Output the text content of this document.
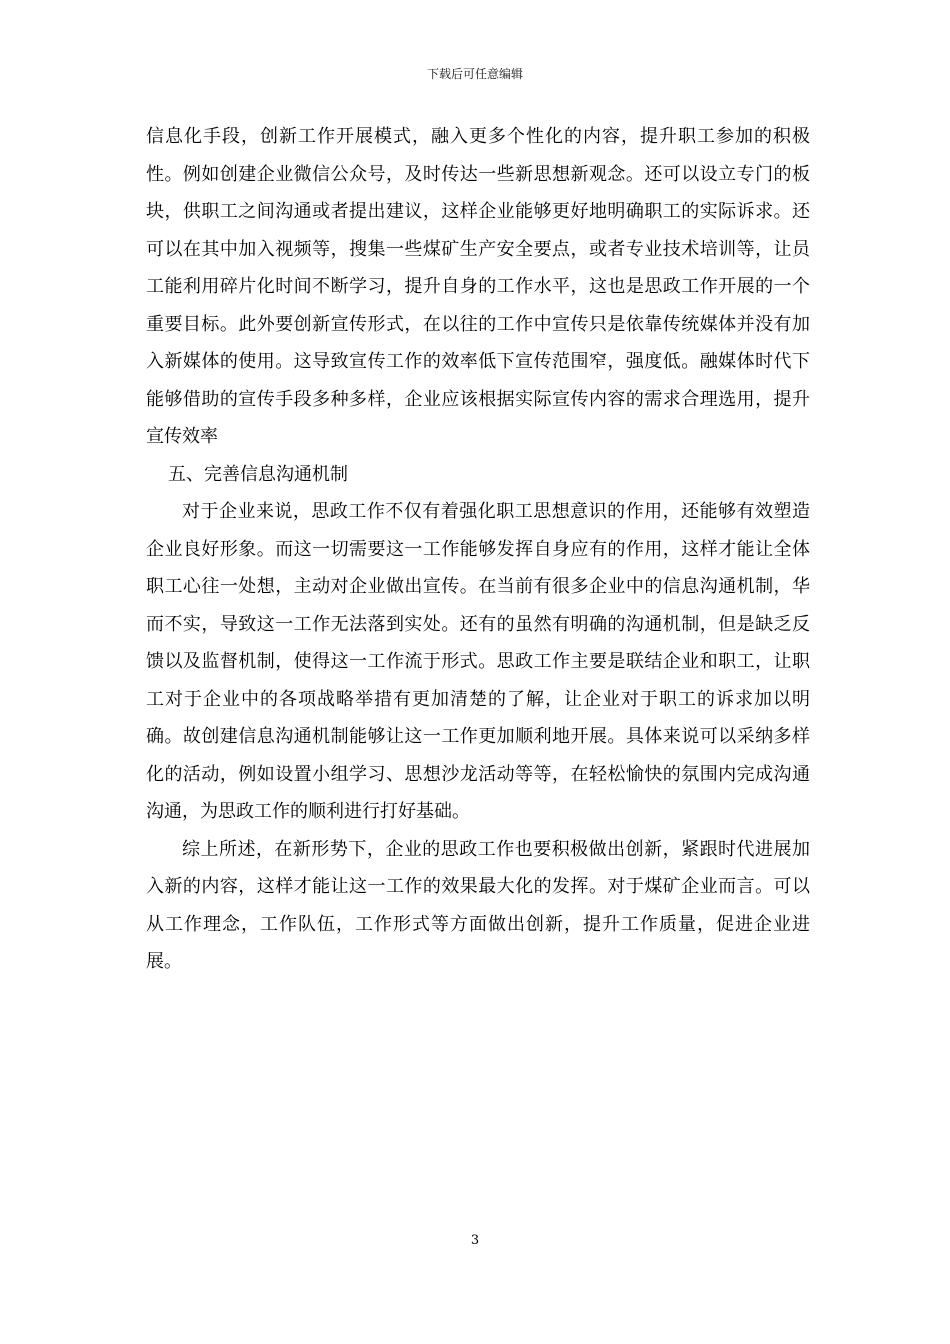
下载后可任意编辑

信息化手段，创新工作开展模式，融入更多个性化的内容，提升职工参加的积极性。例如创建企业微信公众号，及时传达一些新思想新观念。还可以设立专门的板块，供职工之间沟通或者提出建议，这样企业能够更好地明确职工的实际诉求。还可以在其中加入视频等，搜集一些煤矿生产安全要点，或者专业技术培训等，让员工能利用碎片化时间不断学习，提升自身的工作水平，这也是思政工作开展的一个重要目标。此外要创新宣传形式，在以往的工作中宣传只是依靠传统媒体并没有加入新媒体的使用。这导致宣传工作的效率低下宣传范围窄，强度低。融媒体时代下能够借助的宣传手段多种多样，企业应该根据实际宣传内容的需求合理选用，提升宣传效率

五、完善信息沟通机制

对于企业来说，思政工作不仅有着强化职工思想意识的作用，还能够有效塑造企业良好形象。而这一切需要这一工作能够发挥自身应有的作用，这样才能让全体职工心往一处想，主动对企业做出宣传。在当前有很多企业中的信息沟通机制，华而不实，导致这一工作无法落到实处。还有的虽然有明确的沟通机制，但是缺乏反馈以及监督机制，使得这一工作流于形式。思政工作主要是联结企业和职工，让职工对于企业中的各项战略举措有更加清楚的了解，让企业对于职工的诉求加以明确。故创建信息沟通机制能够让这一工作更加顺利地开展。具体来说可以采纳多样化的活动，例如设置小组学习、思想沙龙活动等等，在轻松愉快的氛围内完成沟通沟通，为思政工作的顺利进行打好基础。

综上所述，在新形势下，企业的思政工作也要积极做出创新，紧跟时代进展加入新的内容，这样才能让这一工作的效果最大化的发挥。对于煤矿企业而言。可以从工作理念，工作队伍，工作形式等方面做出创新，提升工作质量，促进企业进展。

3
